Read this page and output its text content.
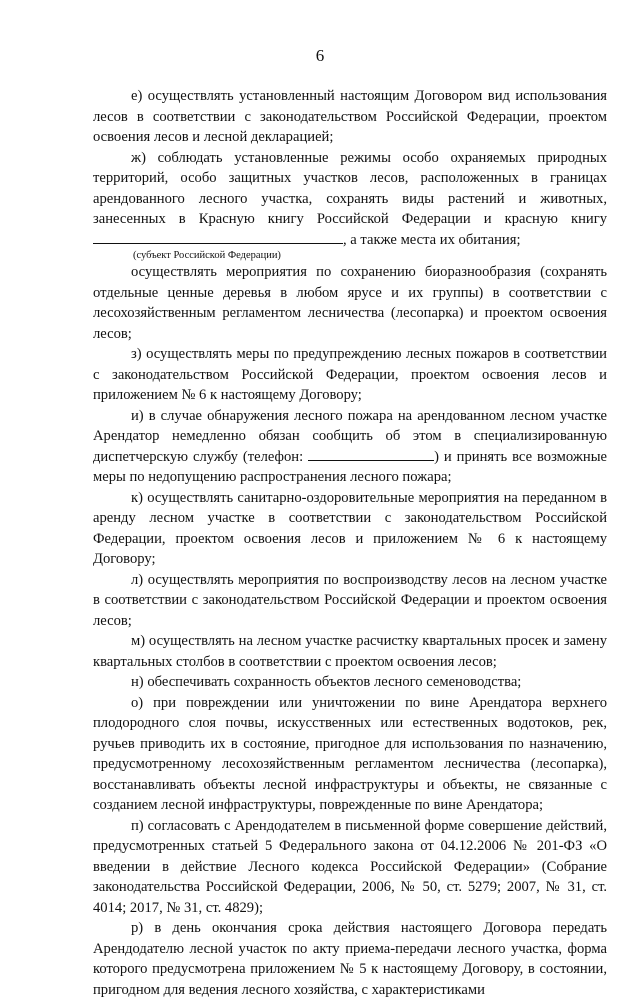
6

е) осуществлять установленный настоящим Договором вид использования лесов в соответствии с законодательством Российской Федерации, проектом освоения лесов и лесной декларацией;

ж) соблюдать установленные режимы особо охраняемых природных территорий, особо защитных участков лесов, расположенных в границах арендованного лесного участка, сохранять виды растений и животных, занесенных в Красную книгу Российской Федерации и красную книгу , а также места их обитания;

(субъект Российской Федерации)

осуществлять мероприятия по сохранению биоразнообразия (сохранять отдельные ценные деревья в любом ярусе и их группы) в соответствии с лесохозяйственным регламентом лесничества (лесопарка) и проектом освоения лесов;

з) осуществлять меры по предупреждению лесных пожаров в соответствии с законодательством Российской Федерации, проектом освоения лесов и приложением № 6 к настоящему Договору;

и) в случае обнаружения лесного пожара на арендованном лесном участке Арендатор немедленно обязан сообщить об этом в специализированную диспетчерскую службу (телефон:	) и принять все возможные меры по недопущению распространения лесного пожара;

к) осуществлять санитарно-оздоровительные мероприятия на переданном в аренду лесном участке в соответствии с законодательством Российской Федерации, проектом освоения лесов и приложением № 6 к настоящему Договору;

л) осуществлять мероприятия по воспроизводству лесов на лесном участке в соответствии с законодательством Российской Федерации и проектом освоения лесов;

м) осуществлять на лесном участке расчистку квартальных просек и замену квартальных столбов в соответствии с проектом освоения лесов;

н) обеспечивать сохранность объектов лесного семеноводства;

о) при повреждении или уничтожении по вине Арендатора верхнего плодородного слоя почвы, искусственных или естественных водотоков, рек, ручьев приводить их в состояние, пригодное для использования по назначению, предусмотренному лесохозяйственным регламентом лесничества (лесопарка), восстанавливать объекты лесной инфраструктуры и объекты, не связанные с созданием лесной инфраструктуры, поврежденные по вине Арендатора;

п) согласовать с Арендодателем в письменной форме совершение действий, предусмотренных статьей 5 Федерального закона от 04.12.2006 № 201-ФЗ «О введении в действие Лесного кодекса Российской Федерации» (Собрание законодательства Российской Федерации, 2006, № 50, ст. 5279; 2007, № 31, ст. 4014; 2017, № 31, ст. 4829);

р) в день окончания срока действия настоящего Договора передать Арендодателю лесной участок по акту приема-передачи лесного участка, форма которого предусмотрена приложением № 5 к настоящему Договору, в состоянии, пригодном для ведения лесного хозяйства, с характеристиками
